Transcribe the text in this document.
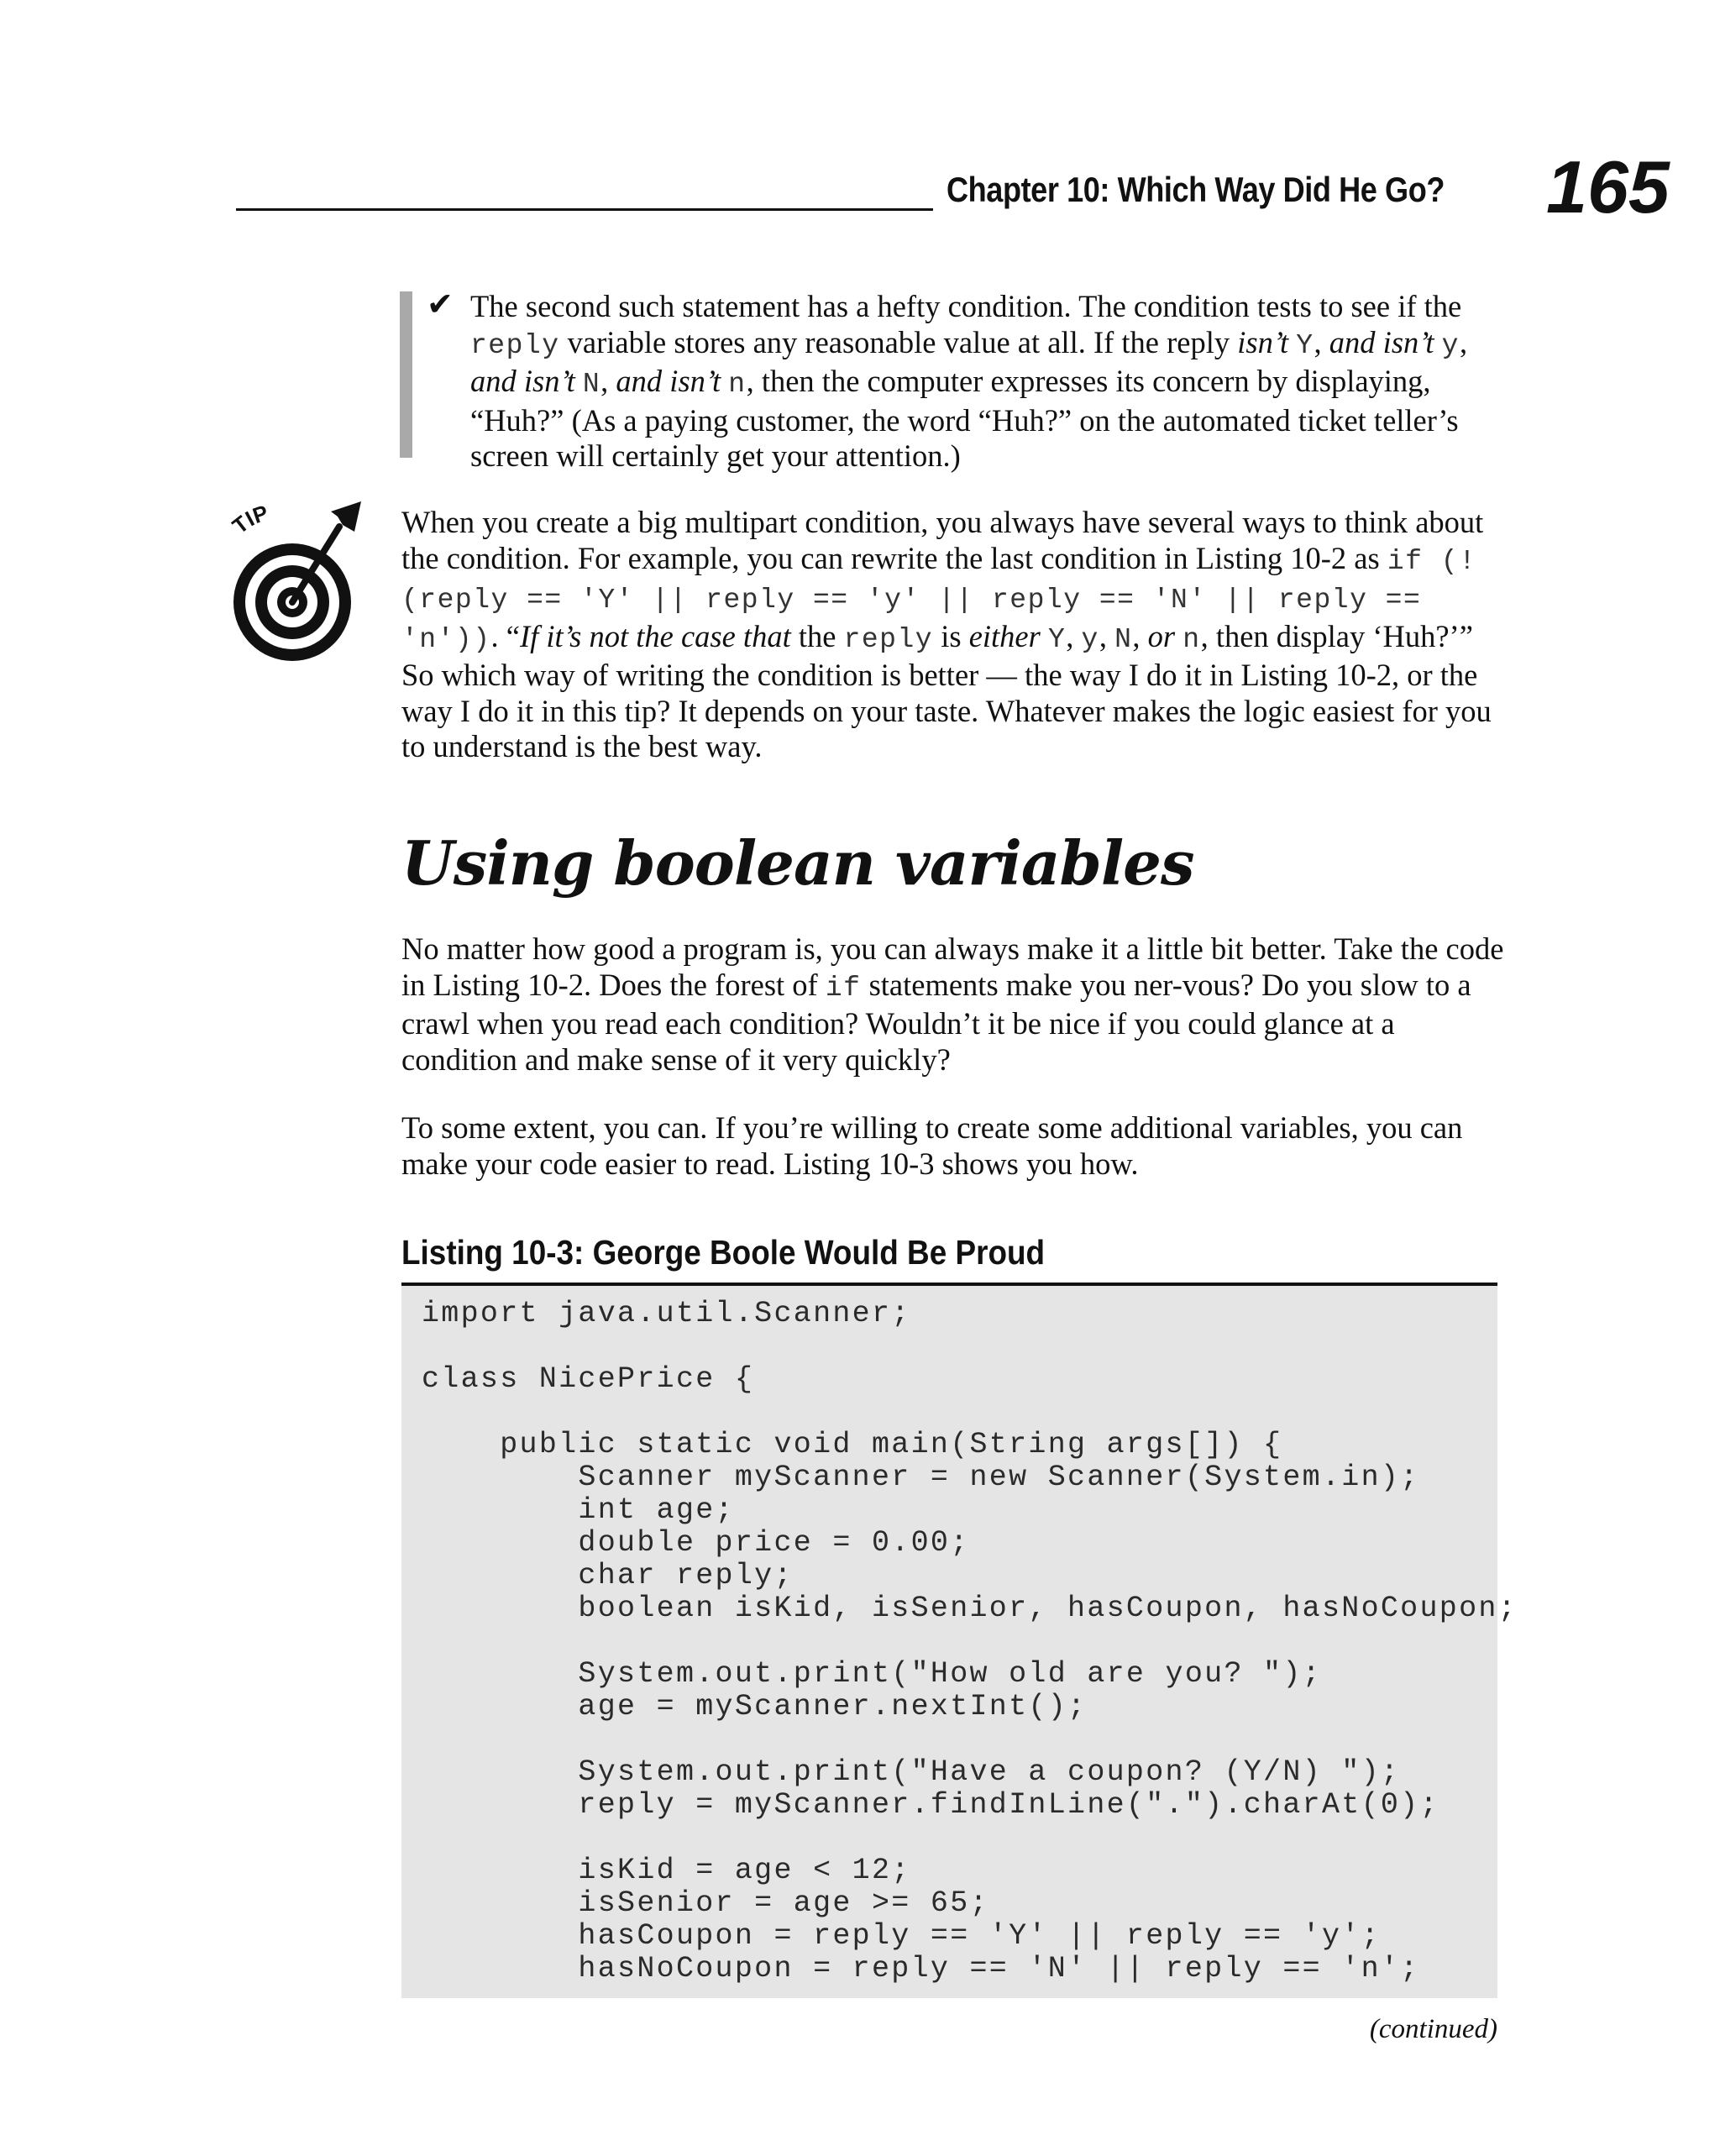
Chapter 10: Which Way Did He Go?	165
✔ The second such statement has a hefty condition. The condition tests to see if the reply variable stores any reasonable value at all. If the reply isn’t Y, and isn’t y, and isn’t N, and isn’t n, then the computer expresses its concern by displaying, “Huh?” (As a paying customer, the word “Huh?” on the automated ticket teller’s screen will certainly get your attention.)
TIP	When you create a big multipart condition, you always have several ways to think about the condition. For example, you can rewrite the last condition in Listing 10-2 as if (!(reply == 'Y' || reply == 'y' || reply == 'N' || reply == 'n')). “If it’s not the case that the reply is either Y, y, N, or n, then display ‘Huh?’” So which way of writing the condition is better — the way I do it in Listing 10-2, or the way I do it in this tip? It depends on your taste. Whatever makes the logic easiest for you to understand is the best way.
Using boolean variables
No matter how good a program is, you can always make it a little bit better. Take the code in Listing 10-2. Does the forest of if statements make you ner-vous? Do you slow to a crawl when you read each condition? Wouldn’t it be nice if you could glance at a condition and make sense of it very quickly?
To some extent, you can. If you’re willing to create some additional variables, you can make your code easier to read. Listing 10-3 shows you how.
Listing 10-3: George Boole Would Be Proud
import java.util.Scanner;

class NicePrice {

public static void main(String args[]) {
Scanner myScanner = new Scanner(System.in);
int age;
double price = 0.00;
char reply;
boolean isKid, isSenior, hasCoupon, hasNoCoupon;

System.out.print("How old are you? ");
age = myScanner.nextInt();

System.out.print("Have a coupon? (Y/N) ");
reply = myScanner.findInLine(".").charAt(0);

isKid = age < 12;
isSenior = age >= 65;
hasCoupon = reply == 'Y' || reply == 'y';
hasNoCoupon = reply == 'N' || reply == 'n';
(continued)
